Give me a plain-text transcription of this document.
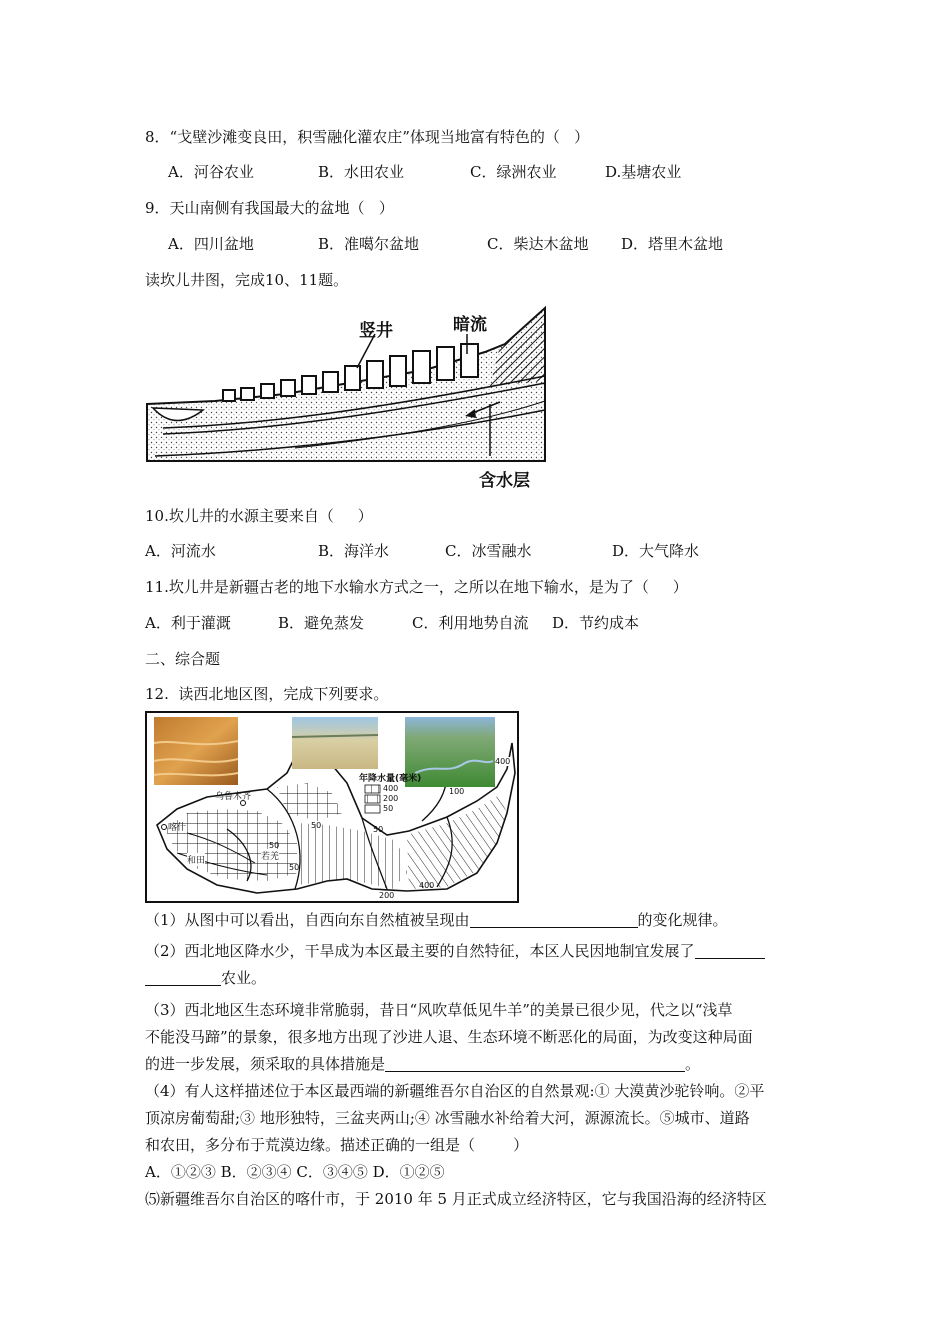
8．“戈壁沙滩变良田，积雪融化灌农庄”体现当地富有特色的（   ）
A．河谷农业	B．水田农业	C．绿洲农业	D.基塘农业
9．天山南侧有我国最大的盆地（   ）
A．四川盆地	B．准噶尔盆地	C．柴达木盆地 D．塔里木盆地
读坎儿井图，完成10、11题。
竖井	暗流
含水层
10.坎儿井的水源主要来自（     ）
A．河流水	B．海洋水	C．冰雪融水	D．大气降水
11.坎儿井是新疆古老的地下水输水方式之一，之所以在地下输水，是为了（     ）
A．利于灌溉	B．避免蒸发	C．利用地势自流 D．节约成本
二、综合题
12.  读西北地区图，完成下列要求。
年降水量(毫米)
400
200
50
乌鲁木齐
喀什
和田	若羌
50
50
50
50
100
400
400
200
（1）从图中可以看出，自西向东自然植被呈现由	的变化规律。
（2）西北地区降水少，干旱成为本区最主要的自然特征，本区人民因地制宜发展了
农业。
（3）西北地区生态环境非常脆弱，昔日“风吹草低见牛羊”的美景已很少见，代之以“浅草
不能没马蹄”的景象，很多地方出现了沙进人退、生态环境不断恶化的局面，为改变这种局面
的进一步发展，须采取的具体措施是	。
（4）有人这样描述位于本区最西端的新疆维吾尔自治区的自然景观:① 大漠黄沙驼铃响。②平
顶凉房葡萄甜;③ 地形独特，三盆夹两山;④ 冰雪融水补给着大河，源源流长。⑤城市、道路
和农田，多分布于荒漠边缘。描述正确的一组是（        ）
A．①②③ B．②③④ C．③④⑤ D．①②⑤
⑸新疆维吾尔自治区的喀什市，于 2010 年 5 月正式成立经济特区，它与我国沿海的经济特区
